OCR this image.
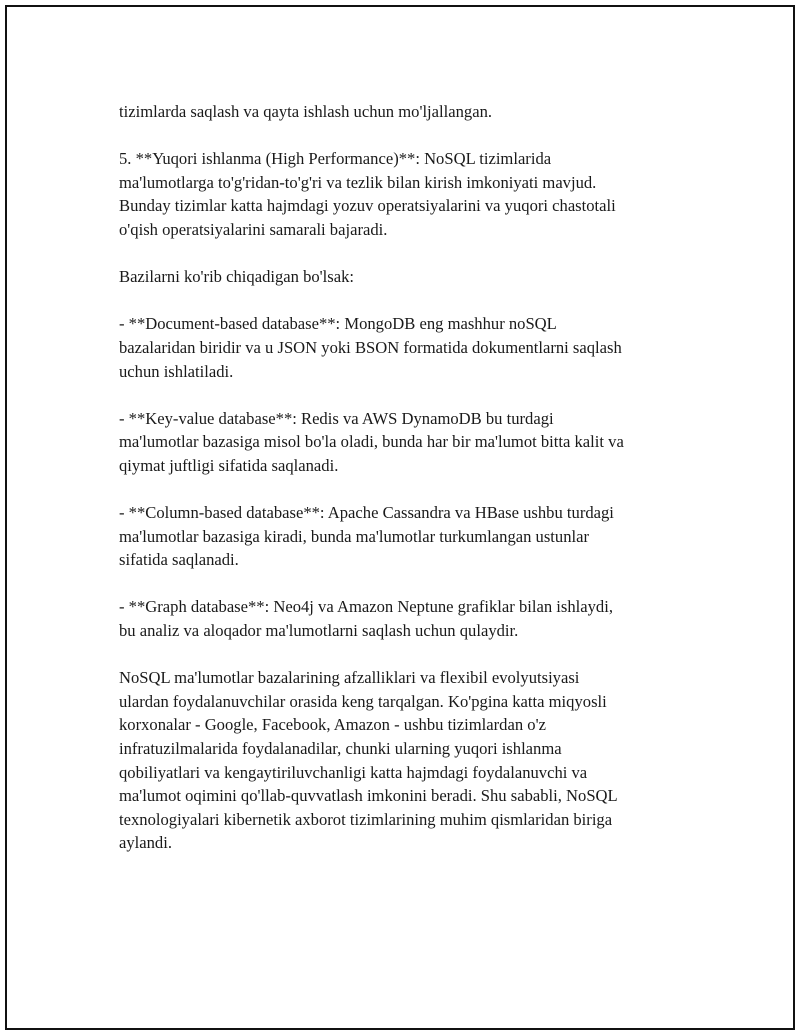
tizimlarda saqlash va qayta ishlash uchun mo'ljallangan.

5. **Yuqori ishlanma (High Performance)**: NoSQL tizimlarida
ma'lumotlarga to'g'ridan-to'g'ri va tezlik bilan kirish imkoniyati mavjud.
Bunday tizimlar katta hajmdagi yozuv operatsiyalarini va yuqori chastotali
o'qish operatsiyalarini samarali bajaradi.

Bazilarni ko'rib chiqadigan bo'lsak:

- **Document-based database**: MongoDB eng mashhur noSQL
bazalaridan biridir va u JSON yoki BSON formatida dokumentlarni saqlash
uchun ishlatiladi.

- **Key-value database**: Redis va AWS DynamoDB bu turdagi
ma'lumotlar bazasiga misol bo'la oladi, bunda har bir ma'lumot bitta kalit va
qiymat juftligi sifatida saqlanadi.

- **Column-based database**: Apache Cassandra va HBase ushbu turdagi
ma'lumotlar bazasiga kiradi, bunda ma'lumotlar turkumlangan ustunlar
sifatida saqlanadi.

- **Graph database**: Neo4j va Amazon Neptune grafiklar bilan ishlaydi,
bu analiz va aloqador ma'lumotlarni saqlash uchun qulaydir.

NoSQL ma'lumotlar bazalarining afzalliklari va flexibil evolyutsiyasi
ulardan foydalanuvchilar orasida keng tarqalgan. Ko'pgina katta miqyosli
korxonalar - Google, Facebook, Amazon - ushbu tizimlardan o'z
infratuzilmalarida foydalanadilar, chunki ularning yuqori ishlanma
qobiliyatlari va kengaytiriluvchanligi katta hajmdagi foydalanuvchi va
ma'lumot oqimini qo'llab-quvvatlash imkonini beradi. Shu sababli, NoSQL
texnologiyalari kibernetik axborot tizimlarining muhim qismlaridan biriga
aylandi.
